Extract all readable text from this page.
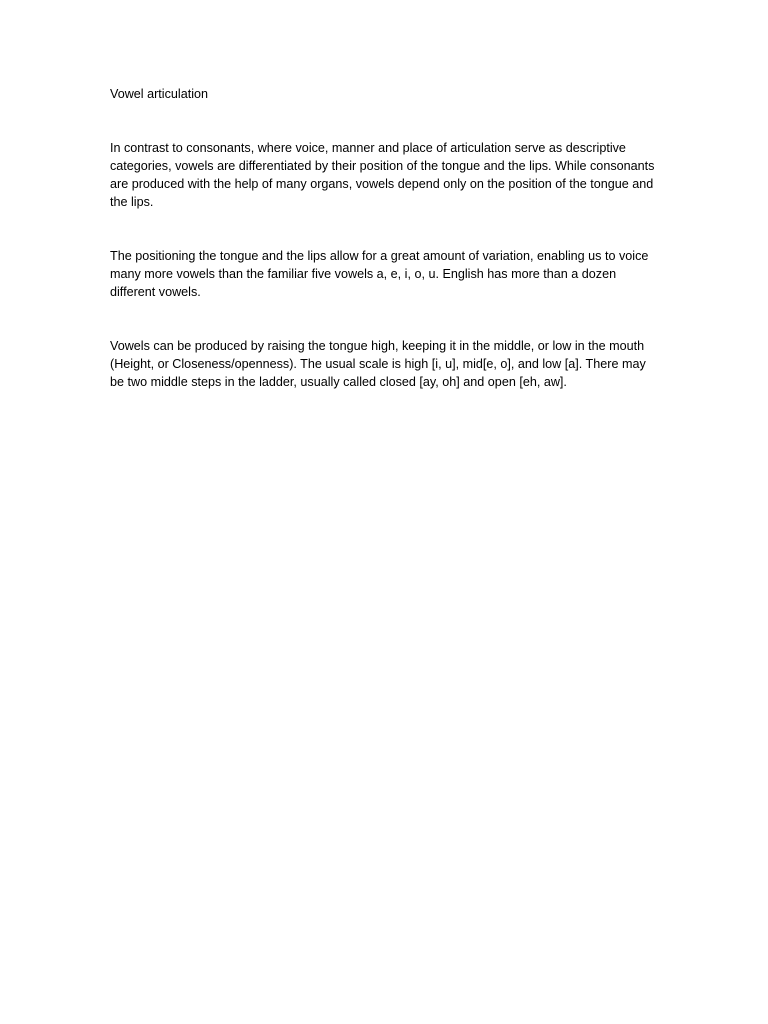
Vowel articulation

In contrast to consonants, where voice, manner and place of articulation serve as descriptive categories, vowels are differentiated by their position of the tongue and the lips. While consonants are produced with the help of many organs, vowels depend only on the position of the tongue and the lips.

The positioning the tongue and the lips allow for a great amount of variation, enabling us to voice many more vowels than the familiar five vowels a, e, i, o, u. English has more than a dozen different vowels.

Vowels can be produced by raising the tongue high, keeping it in the middle, or low in the mouth (Height, or Closeness/openness). The usual scale is high [i, u], mid[e, o], and low [a]. There may be two middle steps in the ladder, usually called closed [ay, oh] and open [eh, aw].
